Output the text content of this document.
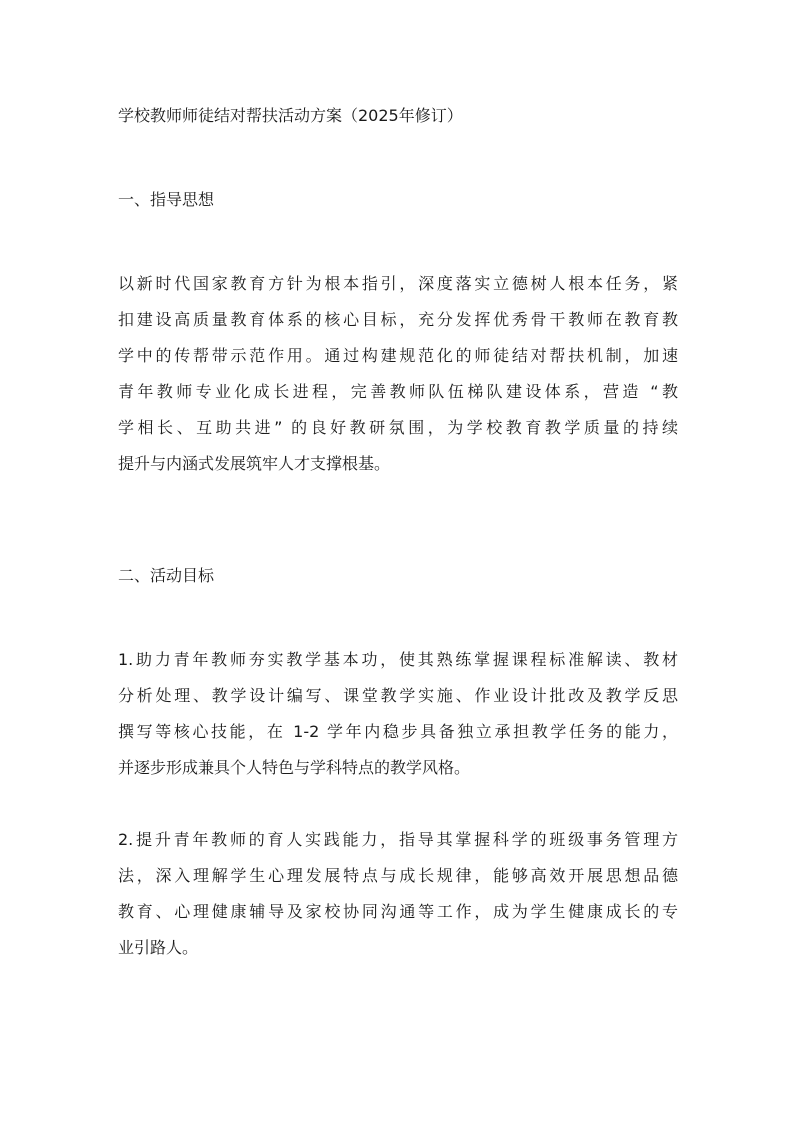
学校教师师徒结对帮扶活动方案（2025年修订）
一、指导思想
以新时代国家教育方针为根本指引，深度落实立德树人根本任务，紧
扣建设高质量教育体系的核心目标，充分发挥优秀骨干教师在教育教
学中的传帮带示范作用。通过构建规范化的师徒结对帮扶机制，加速
青年教师专业化成长进程，完善教师队伍梯队建设体系，营造 “教
学相长、互助共进” 的良好教研氛围，为学校教育教学质量的持续
提升与内涵式发展筑牢人才支撑根基。
二、活动目标
1.助力青年教师夯实教学基本功，使其熟练掌握课程标准解读、教材
分析处理、教学设计编写、课堂教学实施、作业设计批改及教学反思
撰写等核心技能，在 1-2 学年内稳步具备独立承担教学任务的能力，
并逐步形成兼具个人特色与学科特点的教学风格。
2.提升青年教师的育人实践能力，指导其掌握科学的班级事务管理方
法，深入理解学生心理发展特点与成长规律，能够高效开展思想品德
教育、心理健康辅导及家校协同沟通等工作，成为学生健康成长的专
业引路人。
